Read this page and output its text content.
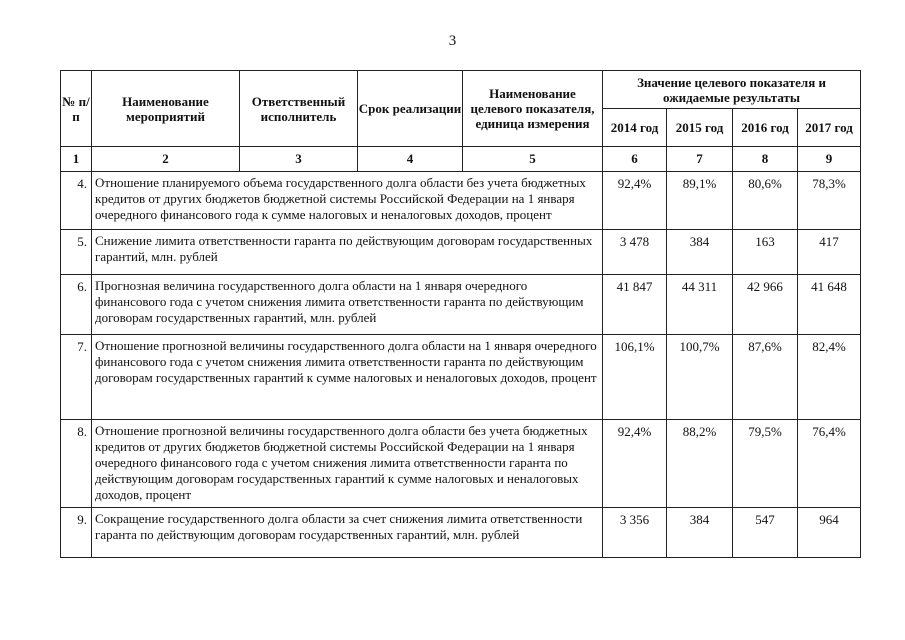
3
№ п/п	Наименование мероприятий	Ответственный исполнитель	Срок реализации	Наименование целевого показателя, единица измерения	Значение целевого показателя и ожидаемые результаты			
					2014 год	2015 год	2016 год	2017 год
1	2	3	4	5	6	7	8	9
4.	Отношение планируемого объема государственного долга области без учета бюджетных кредитов от других бюджетов бюджетной системы Российской Федерации на 1 января очередного финансового года к сумме налоговых и неналоговых доходов, процент				92,4%	89,1%	80,6%	78,3%
5.	Снижение лимита ответственности гаранта по действующим договорам государственных гарантий, млн. рублей				3 478	384	163	417
6.	Прогнозная величина государственного долга области на 1 января очередного финансового года с учетом снижения лимита ответственности гаранта по действующим договорам государственных гарантий, млн. рублей				41 847	44 311	42 966	41 648
7.	Отношение прогнозной величины государственного долга области на 1 января очередного финансового года с учетом снижения лимита ответственности гаранта по действующим договорам государственных гарантий к сумме налоговых и неналоговых доходов, процент				106,1%	100,7%	87,6%	82,4%
8.	Отношение прогнозной величины государственного долга области без учета бюджетных кредитов от других бюджетов бюджетной системы Российской Федерации на 1 января очередного финансового года с учетом снижения лимита ответственности гаранта по действующим договорам государственных гарантий к сумме налоговых и неналоговых доходов, процент				92,4%	88,2%	79,5%	76,4%
9.	Сокращение государственного долга области за счет снижения лимита ответственности гаранта по действующим договорам государственных гарантий, млн. рублей				3 356	384	547	964
